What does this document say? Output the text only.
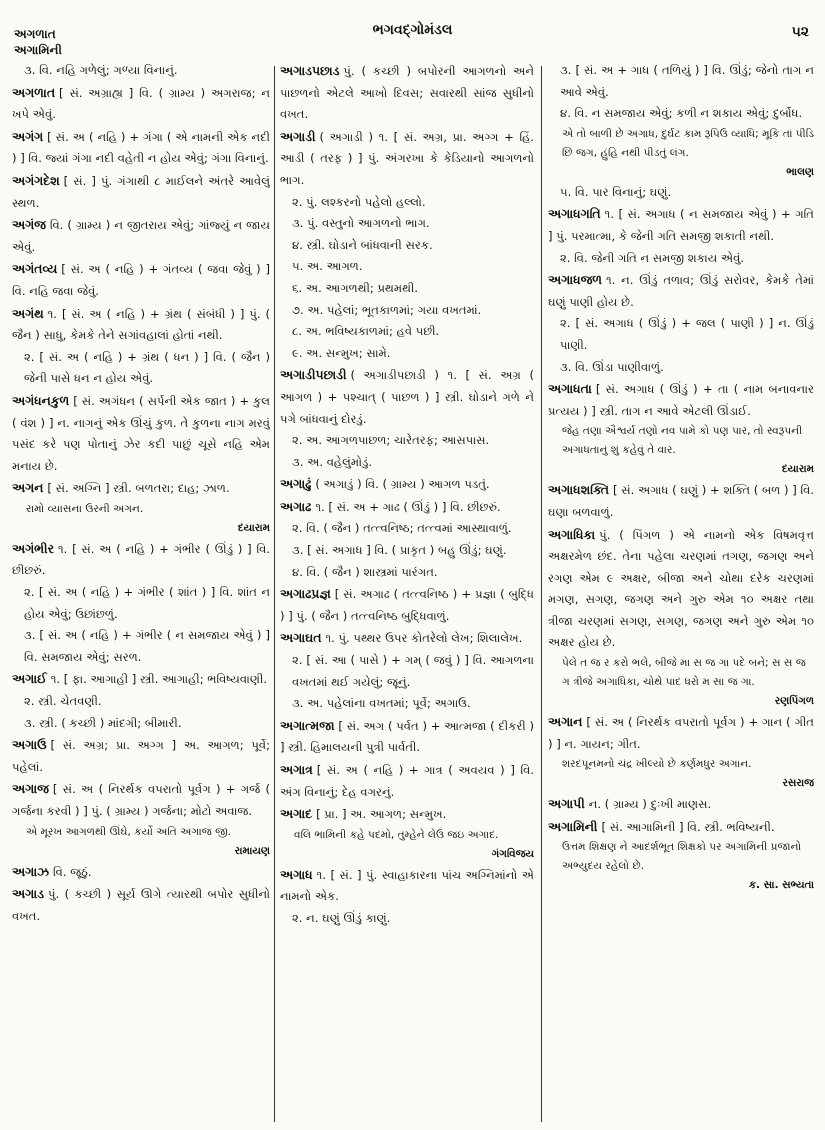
અગળાત
અગામિની
ભગવદ્ગોમંડલ	૫૨
૩. વિ. નહિ ગળેલું; ગળ્યા વિનાનું.
અગળાત [ સં. અગ્રાહ્ય ] વિ. ( ગ્રામ્ય ) અગરાજ; ન ખપે એવું.
અગંગ [ સં. અ ( નહિ ) + ગંગા ( એ નામની એક નદી ) ] વિ. જ્યાં ગંગા નદી વહેતી ન હોય એવું; ગંગા વિનાનું.
અગંગદેશ [ સં. ] પું. ગંગાથી ૮ માઈલને અંતરે આવેલું સ્થળ.
અગંજ વિ. ( ગ્રામ્ય ) ન જીતરાય એવું; ગાંજ્યું ન જાય એવું.
અગંતવ્ય [ સં. અ ( નહિ ) + ગંતવ્ય ( જવા જેવું ) ] વિ. નહિ જવા જેવું.
અગંથ ૧. [ સં. અ ( નહિ ) + ગ્રંથ ( સંબંધી ) ] પું. ( જૈન ) સાધુ, કેમકે તેને સગાંવહાલાં હોતાં નથી.
૨. [ સં. અ ( નહિ ) + ગ્રંથ ( ધન ) ] વિ. ( જૈન ) જેની પાસે ધન ન હોય એવું.
અગંધનકુળ [ સં. અગંધન ( સર્પની એક જાત ) + કુલ ( વંશ ) ] ન. નાગનું એક ઊંચું કુળ. તે કુળના નાગ મરવું પસંદ કરે પણ પોતાનું ઝેર કદી પાછું ચૂસે નહિ એમ મનાય છે.
અગન [ સં. અગ્નિ ] સ્ત્રી. બળતરા; દાહ; ઝાળ.
રામો વ્યાસના ઉરની અગન.
દયારામ
અગંભીર ૧. [ સં. અ ( નહિ ) + ગંભીર ( ઊંડું ) ] વિ. છીછરું.
૨. [ સં. અ ( નહિ ) + ગંભીર ( શાંત ) ] વિ. શાંત ન હોય એવું; ઉછાંછળું.
૩. [ સં. અ ( નહિ ) + ગંભીર ( ન સમજાય એવું ) ] વિ. સમજાય એવું; સરળ.
અગાઈ ૧. [ ફા. આગાહી ] સ્ત્રી. આગાહી; ભવિષ્યવાણી.
૨. સ્ત્રી. ચેતવણી.
૩. સ્ત્રી. ( કચ્છી ) માંદગી; બીમારી.
અગાઉ [ સં. અગ્ર; પ્રા. અગ્ગ ] અ. આગળ; પૂર્વે; પહેલાં.
અગાજ [ સં. અ ( નિરર્થક વપરાતો પૂર્વગ ) + ગર્જ ( ગર્જના કરવી ) ] પું. ( ગ્રામ્ય ) ગર્જના; મોટો અવાજ.
એ મૂરખ આગળથી ઊંઘે, કર્યો અતિ અગાજ જી.
રામાયણ
અગાઝ વિ. જૂઠું.
અગાડ પું. ( કચ્છી ) સૂર્ય ઊગે ત્યારથી બપોર સુધીનો વખત.
અગાડપછાડ પું. ( કચ્છી ) બપોરની આગળનો અને પાછળનો એટલે આખો દિવસ; સવારથી સાંજ સુધીનો વખત.
અગાડી ( અગાડી ) ૧. [ સં. અગ્ર, પ્રા. અગ્ગ + હિં. આડી ( તરફ ) ] પું. અંગરખા કે કેડિયાનો આગળનો ભાગ.
૨. પું. લશ્કરનો પહેલો હલ્લો.
૩. પું. વસ્તુનો આગળનો ભાગ.
૪. સ્ત્રી. ઘોડાને બાંધવાની સરક.
૫. અ. આગળ.
૬. અ. આગળથી; પ્રથમથી.
૭. અ. પહેલાં; ભૂતકાળમાં; ગયા વખતમાં.
૮. અ. ભવિષ્યકાળમાં; હવે પછી.
૯. અ. સન્મુખ; સામે.
અગાડીપછાડી ( અગાડીપછાડી ) ૧. [ સં. અગ્ર ( આગળ ) + પશ્ચાત્ ( પાછળ ) ] સ્ત્રી. ઘોડાને ગળે ને પગે બાંધવાનું દોરડું.
૨. અ. આગળપાછળ; ચારેતરફ; આસપાસ.
૩. અ. વહેલુંમોડું.
અગાઢું ( અગાડું ) વિ. ( ગ્રામ્ય ) આગળ પડતું.
અગાઢ ૧. [ સં. અ + ગાઢ ( ઊંડું ) ] વિ. છીછરું.
૨. વિ. ( જૈન ) તત્ત્વનિષ્ઠ; તત્ત્વમાં આસ્થાવાળું.
૩. [ સં. અગાધ ] વિ. ( પ્રાકૃત ) બહુ ઊંડું; ઘણું.
૪. વિ. ( જૈન ) શાસ્ત્રમાં પારંગત.
અગાઢપ્રજ્ઞ [ સં. અગાઢ ( તત્ત્વનિષ્ઠ ) + પ્રજ્ઞા ( બુદ્ધિ ) ] પું. ( જૈન ) તત્ત્વનિષ્ઠ બુદ્ધિવાળું.
અગાઘત ૧. પું. પથ્થર ઉપર કોતરેલો લેખ; શિલાલેખ.
૨. [ સં. આ ( પાસે ) + ગમ્ ( જવું ) ] વિ. આગળના વખતમાં થઈ ગયેલું; જૂનું.
૩. અ. પહેલાંના વખતમાં; પૂર્વે; અગાઉ.
અગાત્મજા [ સં. અગ ( પર્વત ) + આત્મજા ( દીકરી ) ] સ્ત્રી. હિમાલયની પુત્રી પાર્વતી.
અગાત્ર [ સં. અ ( નહિ ) + ગાત્ર ( અવયવ ) ] વિ. અંગ વિનાનું; દેહ વગરનું.
અગાદ [ પ્રા. ] અ. આગળ; સન્મુખ.
વલિ ભામિની કહે પદમો, તુમ્હેને લેઉં જઇ અગાદ.
ગંગવિજય
અગાધ ૧. [ સં. ] પું. સ્વાહાકારના પાંચ અગ્નિમાંનો એ નામનો એક.
૨. ન. ઘણું ઊંડું કાણું.
૩. [ સં. અ + ગાધ ( તળિયું ) ] વિ. ઊંડું; જેનો તાગ ન આવે એવું.
૪. વિ. ન સમજાય એવું; કળી ન શકાય એવું; દુર્બોધ.
એ તો બાળી છે અગાધ, દુર્ઘટ કામ રૂપિઉ વ્યાધિ; મૂકિ તાં પીડિ છિ જગ, હુંહિ નથી પીડતું લંગ.
ભાલણ
૫. વિ. પાર વિનાનું; ઘણું.
અગાધગતિ ૧. [ સં. અગાધ ( ન સમજાય એવું ) + ગતિ ] પું. પરમાત્મા, કે જેની ગતિ સમજી શકાતી નથી.
૨. વિ. જેની ગતિ ન સમજી શકાય એવું.
અગાધજળ ૧. ન. ઊંડું તળાવ; ઊંડું સરોવર, કેમકે તેમાં ઘણું પાણી હોય છે.
૨. [ સં. અગાધ ( ઊંડું ) + જલ ( પાણી ) ] ન. ઊંડું પાણી.
૩. વિ. ઊંડા પાણીવાળું.
અગાધતા [ સં. અગાધ ( ઊંડું ) + તા ( નામ બનાવનાર પ્રત્યય ) ] સ્ત્રી. તાગ ન આવે એટલી ઊંડાઈ.
જેહ તણા ઐશ્વર્ય તણો નવ પામે કો પણ પાર, તો સ્વરૂપની અગાધતાનું શું કહેવું તે વાર.
દયારામ
અગાધશક્તિ [ સં. અગાધ ( ઘણું ) + શક્તિ ( બળ ) ] વિ. ઘણા બળવાળું.
અગાધિકા પું. ( પિંગળ ) એ નામનો એક વિષમવૃત્ત અક્ષરમેળ છંદ. તેના પહેલા ચરણમાં તગણ, જગણ અને રગણ એમ ૯ અક્ષર, બીજા અને ચોથા દરેક ચરણમાં મગણ, સગણ, જગણ અને ગુરુ એમ ૧૦ અક્ષર તથા ત્રીજા ચરણમાં સગણ, સગણ, જગણ અને ગુરુ એમ ૧૦ અક્ષર હોય છે.
પેલે ત જ ર કરો ભલે, બીજે મા સ જ ગા પદે બને; સ સ જ ગ ત્રીજે અગાધિકા, ચોથે પાદ ધરો મ સા જ ગા.
રણપિંગળ
અગાન [ સં. અ ( નિરર્થક વપરાતો પૂર્વગ ) + ગાન ( ગીત ) ] ન. ગાયન; ગીત.
શરદપૂનમનો ચંદ્ર ખીલ્યો છે કર્ણમધુર અગાન.
રસરાજ
અગાપી ન. ( ગ્રામ્ય ) દુઃખી માણસ.
અગામિની [ સં. આગામિની ] વિ. સ્ત્રી. ભવિષ્યની.
ઉત્તમ શિક્ષણ ને આદર્શભૂત શિક્ષકો પર અગામિની પ્રજાનો અભ્યુદય રહેલો છે.
ક. સા. સભ્યતા
